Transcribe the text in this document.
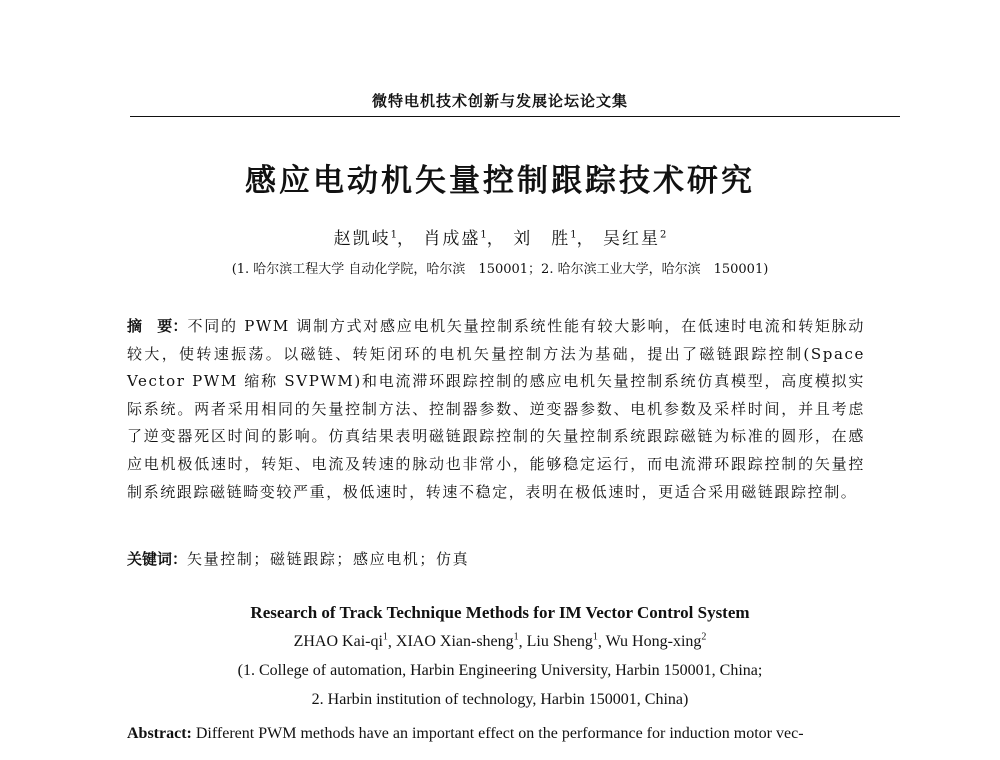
微特电机技术创新与发展论坛论文集
感应电动机矢量控制跟踪技术研究
赵凯岐$^1$， 肖成盛$^1$， 刘　胜$^1$， 吴红星$^2$
(1. 哈尔滨工程大学 自动化学院，哈尔滨　150001；2. 哈尔滨工业大学，哈尔滨　150001)
摘　要：不同的 PWM 调制方式对感应电机矢量控制系统性能有较大影响，在低速时电流和转矩脉动较大，使转速振荡。以磁链、转矩闭环的电机矢量控制方法为基础，提出了磁链跟踪控制(Space Vector PWM 缩称 SVPWM)和电流滞环跟踪控制的感应电机矢量控制系统仿真模型，高度模拟实际系统。两者采用相同的矢量控制方法、控制器参数、逆变器参数、电机参数及采样时间，并且考虑了逆变器死区时间的影响。仿真结果表明磁链跟踪控制的矢量控制系统跟踪磁链为标准的圆形，在感应电机极低速时，转矩、电流及转速的脉动也非常小，能够稳定运行，而电流滞环跟踪控制的矢量控制系统跟踪磁链畸变较严重，极低速时，转速不稳定，表明在极低速时，更适合采用磁链跟踪控制。
关键词：矢量控制；磁链跟踪；感应电机；仿真
Research of Track Technique Methods for IM Vector Control System
ZHAO Kai-$qi^1$, XIAO Xian-sheng$^1$, Liu Sheng$^1$, Wu Hong-xing$^2$
(1. College of automation, Harbin Engineering University, Harbin 150001, China;
2. Harbin institution of technology, Harbin 150001, China)
Abstract: Different PWM methods have an important effect on the performance for induction motor vec-
